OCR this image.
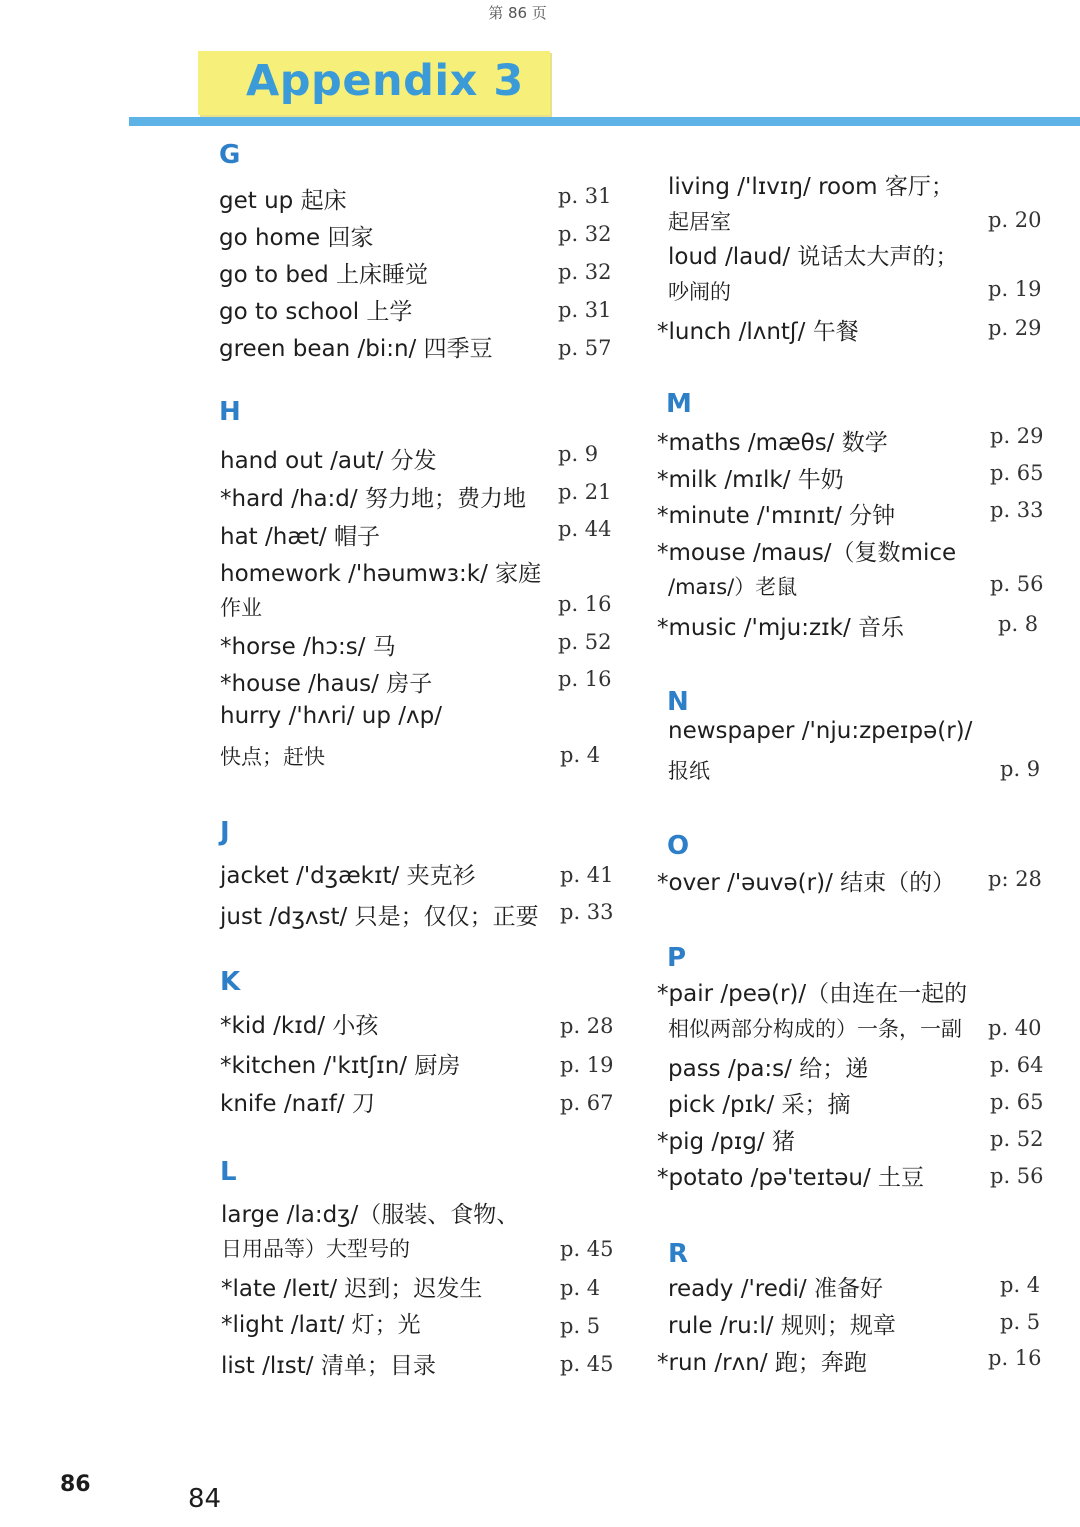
第 86 页
Appendix 3
G
get up 起床	p. 31
go home 回家	p. 32
go to bed 上床睡觉	p. 32
go to school 上学	p. 31
green bean /bi:n/ 四季豆	p. 57
H
hand out /aut/ 分发	p. 9
*hard /ha:d/ 努力地；费力地 p. 21
hat /hæt/ 帽子	p. 44
homework /'həumwɜ:k/ 家庭
作业	p. 16
*horse /hɔ:s/ 马	p. 52
*house /haus/ 房子	p. 16
hurry /'hʌri/ up /ʌp/
快点；赶快	p. 4
J
jacket /'dʒækɪt/ 夹克衫	p. 41
just /dʒʌst/ 只是；仅仅；正要 p. 33
K
*kid /kɪd/ 小孩	p. 28
*kitchen /'kɪtʃɪn/ 厨房	p. 19
knife /naɪf/ 刀	p. 67
L
large /la:dʒ/（服装、食物、
日用品等）大型号的	p. 45
*late /leɪt/ 迟到；迟发生	p. 4
*light /laɪt/ 灯；光	p. 5
list /lɪst/ 清单；目录	p. 45
living /'lɪvɪŋ/ room 客厅；
起居室	p. 20
loud /laud/ 说话太大声的；
吵闹的	p. 19
*lunch /lʌntʃ/ 午餐	p. 29
M
*maths /mæθs/ 数学	p. 29
*milk /mɪlk/ 牛奶	p. 65
*minute /'mɪnɪt/ 分钟	p. 33
*mouse /maus/（复数mice
/maɪs/）老鼠	p. 56
*music /'mju:zɪk/ 音乐	p. 8
N
newspaper /'nju:zpeɪpə(r)/
报纸	p. 9
O
*over /'əuvə(r)/ 结束（的） p: 28
P
*pair /peə(r)/（由连在一起的
相似两部分构成的）一条，一副 p. 40
pass /pa:s/ 给；递	p. 64
pick /pɪk/ 采；摘	p. 65
*pig /pɪg/ 猪	p. 52
*potato /pə'teɪtəu/ 土豆	p. 56
R
ready /'redi/ 准备好	p. 4
rule /ru:l/ 规则；规章	p. 5
*run /rʌn/ 跑；奔跑	p. 16
86	84
